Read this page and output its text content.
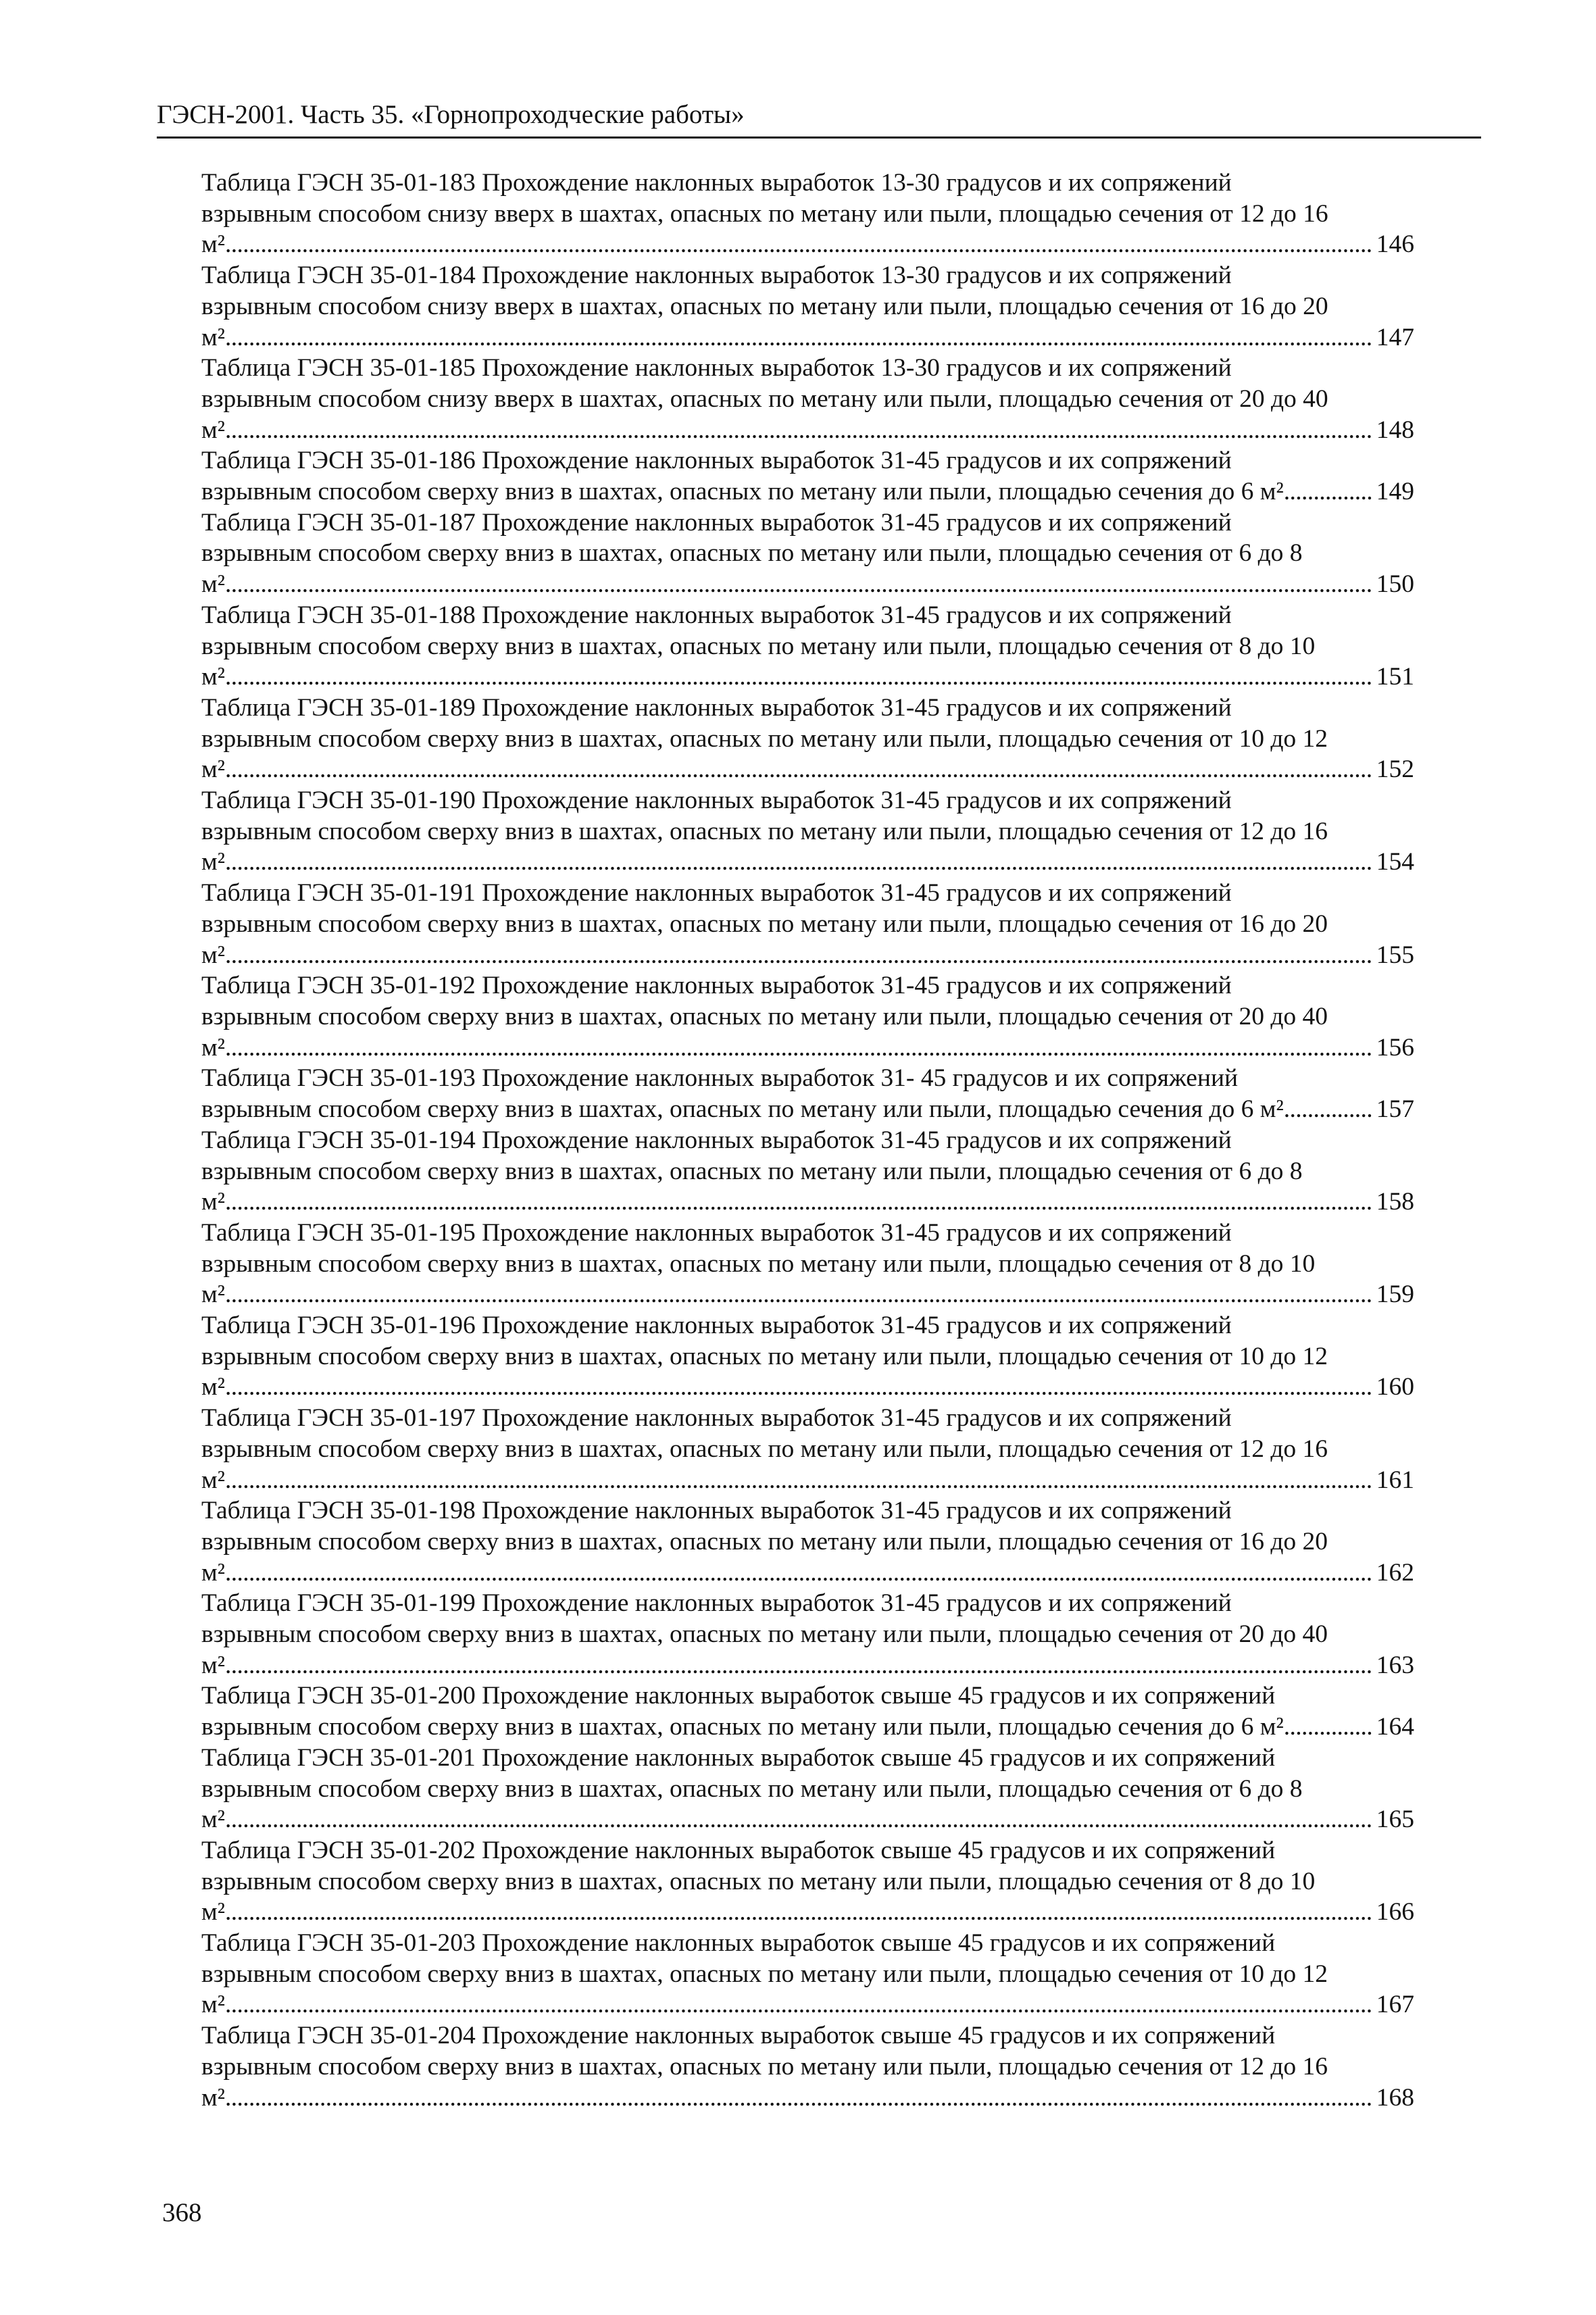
ГЭСН-2001. Часть 35. «Горнопроходческие работы»
Таблица ГЭСН 35-01-183 Прохождение наклонных выработок 13-30 градусов и их сопряжений
взрывным способом снизу вверх в шахтах, опасных по метану или пыли, площадью сечения от 12 до 16
м² . . .	146
Таблица ГЭСН 35-01-184 Прохождение наклонных выработок 13-30 градусов и их сопряжений
взрывным способом снизу вверх в шахтах, опасных по метану или пыли, площадью сечения от 16 до 20
м² . . .	147
Таблица ГЭСН 35-01-185 Прохождение наклонных выработок 13-30 градусов и их сопряжений
взрывным способом снизу вверх в шахтах, опасных по метану или пыли, площадью сечения от 20 до 40
м² . . .	148
Таблица ГЭСН 35-01-186 Прохождение наклонных выработок 31-45 градусов и их сопряжений
взрывным способом сверху вниз в шахтах, опасных по метану или пыли, площадью сечения до 6 м² . . .	149
Таблица ГЭСН 35-01-187 Прохождение наклонных выработок 31-45 градусов и их сопряжений
взрывным способом сверху вниз в шахтах, опасных по метану или пыли, площадью сечения от 6 до 8
м² . . .	150
Таблица ГЭСН 35-01-188 Прохождение наклонных выработок 31-45 градусов и их сопряжений
взрывным способом сверху вниз в шахтах, опасных по метану или пыли, площадью сечения от 8 до 10
м² . . .	151
Таблица ГЭСН 35-01-189 Прохождение наклонных выработок 31-45 градусов и их сопряжений
взрывным способом сверху вниз в шахтах, опасных по метану или пыли, площадью сечения от 10 до 12
м² . . .	152
Таблица ГЭСН 35-01-190 Прохождение наклонных выработок 31-45 градусов и их сопряжений
взрывным способом сверху вниз в шахтах, опасных по метану или пыли, площадью сечения от 12 до 16
м² . . .	154
Таблица ГЭСН 35-01-191 Прохождение наклонных выработок 31-45 градусов и их сопряжений
взрывным способом сверху вниз в шахтах, опасных по метану или пыли, площадью сечения от 16 до 20
м² . . .	155
Таблица ГЭСН 35-01-192 Прохождение наклонных выработок 31-45 градусов и их сопряжений
взрывным способом сверху вниз в шахтах, опасных по метану или пыли, площадью сечения от 20 до 40
м² . . .	156
Таблица ГЭСН 35-01-193 Прохождение наклонных выработок 31- 45 градусов и их сопряжений
взрывным способом сверху вниз в шахтах, опасных по метану или пыли, площадью сечения до 6 м² . . .	157
Таблица ГЭСН 35-01-194 Прохождение наклонных выработок 31-45 градусов и их сопряжений
взрывным способом сверху вниз в шахтах, опасных по метану или пыли, площадью сечения от 6 до 8
м² . . .	158
Таблица ГЭСН 35-01-195 Прохождение наклонных выработок 31-45 градусов и их сопряжений
взрывным способом сверху вниз в шахтах, опасных по метану или пыли, площадью сечения от 8 до 10
м² . . .	159
Таблица ГЭСН 35-01-196 Прохождение наклонных выработок 31-45 градусов и их сопряжений
взрывным способом сверху вниз в шахтах, опасных по метану или пыли, площадью сечения от 10 до 12
м² . . .	160
Таблица ГЭСН 35-01-197 Прохождение наклонных выработок 31-45 градусов и их сопряжений
взрывным способом сверху вниз в шахтах, опасных по метану или пыли, площадью сечения от 12 до 16
м² . . .	161
Таблица ГЭСН 35-01-198 Прохождение наклонных выработок 31-45 градусов и их сопряжений
взрывным способом сверху вниз в шахтах, опасных по метану или пыли, площадью сечения от 16 до 20
м² . . .	162
Таблица ГЭСН 35-01-199 Прохождение наклонных выработок 31-45 градусов и их сопряжений
взрывным способом сверху вниз в шахтах, опасных по метану или пыли, площадью сечения от 20 до 40
м² . . .	163
Таблица ГЭСН 35-01-200 Прохождение наклонных выработок свыше 45 градусов и их сопряжений
взрывным способом сверху вниз в шахтах, опасных по метану или пыли, площадью сечения до 6 м² . . .	164
Таблица ГЭСН 35-01-201 Прохождение наклонных выработок свыше 45 градусов и их сопряжений
взрывным способом сверху вниз в шахтах, опасных по метану или пыли, площадью сечения от 6 до 8
м² . . .	165
Таблица ГЭСН 35-01-202 Прохождение наклонных выработок свыше 45 градусов и их сопряжений
взрывным способом сверху вниз в шахтах, опасных по метану или пыли, площадью сечения от 8 до 10
м² . . .	166
Таблица ГЭСН 35-01-203 Прохождение наклонных выработок свыше 45 градусов и их сопряжений
взрывным способом сверху вниз в шахтах, опасных по метану или пыли, площадью сечения от 10 до 12
м² . . .	167
Таблица ГЭСН 35-01-204 Прохождение наклонных выработок свыше 45 градусов и их сопряжений
взрывным способом сверху вниз в шахтах, опасных по метану или пыли, площадью сечения от 12 до 16
м² . . .	168
368
